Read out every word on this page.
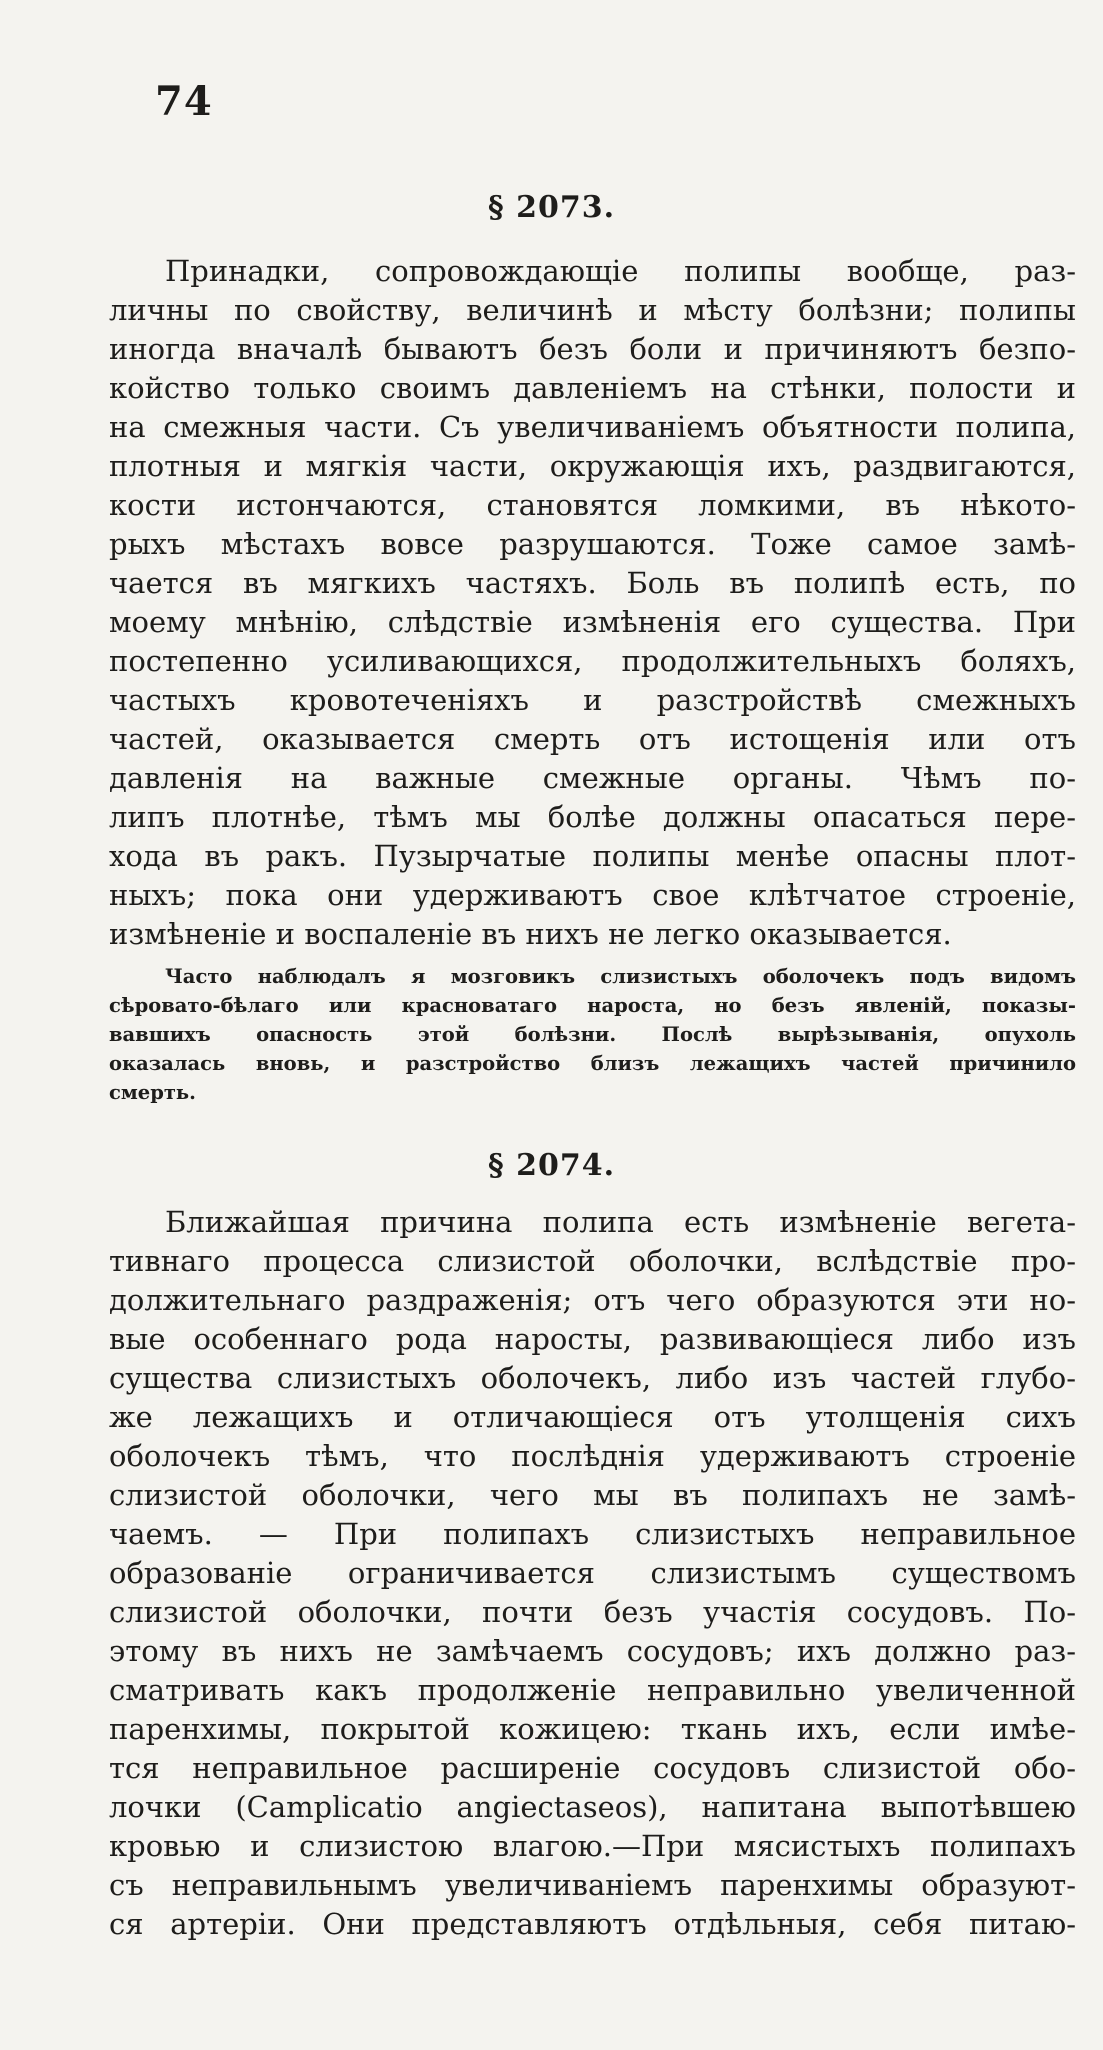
74
§ 2073.
Принадки, сопровождающіе полипы вообще, раз-
личны по свойству, величинѣ и мѣсту болѣзни; полипы
иногда вначалѣ бываютъ безъ боли и причиняютъ безпо-
койство только своимъ давленіемъ на стѣнки, полости и
на смежныя части. Съ увеличиваніемъ объятности полипа,
плотныя и мягкія части, окружающія ихъ, раздвигаются,
кости истончаются, становятся ломкими, въ нѣкото-
рыхъ мѣстахъ вовсе разрушаются. Тоже самое замѣ-
чается въ мягкихъ частяхъ. Боль въ полипѣ есть, по
моему мнѣнію, слѣдствіе измѣненія его существа. При
постепенно усиливающихся, продолжительныхъ боляхъ,
частыхъ кровотеченіяхъ и разстройствѣ смежныхъ
частей, оказывается смерть отъ истощенія или отъ
давленія на важные смежные органы. Чѣмъ по-
липъ плотнѣе, тѣмъ мы болѣе должны опасаться пере-
хода въ ракъ. Пузырчатые полипы менѣе опасны плот-
ныхъ; пока они удерживаютъ свое клѣтчатое строеніе,
измѣненіе и воспаленіе въ нихъ не легко оказывается.
Часто наблюдалъ я мозговикъ слизистыхъ оболочекъ подъ видомъ
сѣровато-бѣлаго или красноватаго нароста, но безъ явленій, показы-
вавшихъ опасность этой болѣзни. Послѣ вырѣзыванія, опухоль
оказалась вновь, и разстройство близъ лежащихъ частей причинило
смерть.
§ 2074.
Ближайшая причина полипа есть измѣненіе вегета-
тивнаго процесса слизистой оболочки, вслѣдствіе про-
должительнаго раздраженія; отъ чего образуются эти но-
вые особеннаго рода наросты, развивающіеся либо изъ
существа слизистыхъ оболочекъ, либо изъ частей глубо-
же лежащихъ и отличающіеся отъ утолщенія сихъ
оболочекъ тѣмъ, что послѣднія удерживаютъ строеніе
слизистой оболочки, чего мы въ полипахъ не замѣ-
чаемъ. — При полипахъ слизистыхъ неправильное
образованіе ограничивается слизистымъ существомъ
слизистой оболочки, почти безъ участія сосудовъ. По-
этому въ нихъ не замѣчаемъ сосудовъ; ихъ должно раз-
сматривать какъ продолженіе неправильно увеличенной
паренхимы, покрытой кожицею: ткань ихъ, если имѣе-
тся неправильное расширеніе сосудовъ слизистой обо-
лочки (Camplicatio angiectaseos), напитана выпотѣвшею
кровью и слизистою влагою.—При мясистыхъ полипахъ
съ неправильнымъ увеличиваніемъ паренхимы образуют-
ся артеріи. Они представляютъ отдѣльныя, себя питаю-
